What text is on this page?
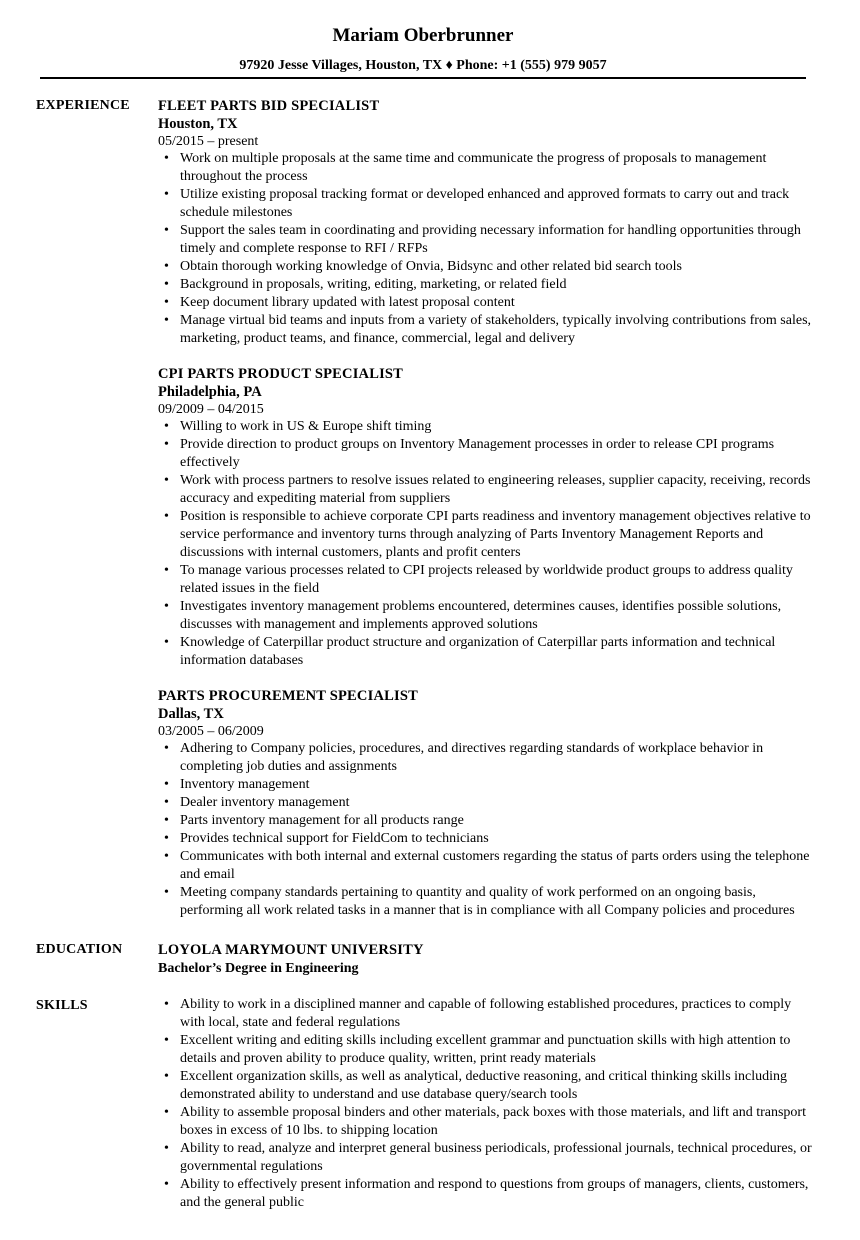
Mariam Oberbrunner
97920 Jesse Villages, Houston, TX ♦ Phone: +1 (555) 979 9057
EXPERIENCE FLEET PARTS BID SPECIALIST
Houston, TX
05/2015 – present
• Work on multiple proposals at the same time and communicate the progress of proposals to management throughout the process
• Utilize existing proposal tracking format or developed enhanced and approved formats to carry out and track schedule milestones
• Support the sales team in coordinating and providing necessary information for handling opportunities through timely and complete response to RFI / RFPs
• Obtain thorough working knowledge of Onvia, Bidsync and other related bid search tools
• Background in proposals, writing, editing, marketing, or related field
• Keep document library updated with latest proposal content
• Manage virtual bid teams and inputs from a variety of stakeholders, typically involving contributions from sales, marketing, product teams, and finance, commercial, legal and delivery
CPI PARTS PRODUCT SPECIALIST
Philadelphia, PA
09/2009 – 04/2015
• Willing to work in US & Europe shift timing
• Provide direction to product groups on Inventory Management processes in order to release CPI programs effectively
• Work with process partners to resolve issues related to engineering releases, supplier capacity, receiving, records accuracy and expediting material from suppliers
• Position is responsible to achieve corporate CPI parts readiness and inventory management objectives relative to service performance and inventory turns through analyzing of Parts Inventory Management Reports and discussions with internal customers, plants and profit centers
• To manage various processes related to CPI projects released by worldwide product groups to address quality related issues in the field
• Investigates inventory management problems encountered, determines causes, identifies possible solutions, discusses with management and implements approved solutions
• Knowledge of Caterpillar product structure and organization of Caterpillar parts information and technical information databases
PARTS PROCUREMENT SPECIALIST
Dallas, TX
03/2005 – 06/2009
• Adhering to Company policies, procedures, and directives regarding standards of workplace behavior in completing job duties and assignments
• Inventory management
• Dealer inventory management
• Parts inventory management for all products range
• Provides technical support for FieldCom to technicians
• Communicates with both internal and external customers regarding the status of parts orders using the telephone and email
• Meeting company standards pertaining to quantity and quality of work performed on an ongoing basis, performing all work related tasks in a manner that is in compliance with all Company policies and procedures
EDUCATION LOYOLA MARYMOUNT UNIVERSITY
Bachelor’s Degree in Engineering
SKILLS
•	Ability to work in a disciplined manner and capable of following established procedures, practices to comply with local, state and federal regulations
• Excellent writing and editing skills including excellent grammar and punctuation skills with high attention to details and proven ability to produce quality, written, print ready materials
• Excellent organization skills, as well as analytical, deductive reasoning, and critical thinking skills including demonstrated ability to understand and use database query/search tools
• Ability to assemble proposal binders and other materials, pack boxes with those materials, and lift and transport boxes in excess of 10 lbs. to shipping location
• Ability to read, analyze and interpret general business periodicals, professional journals, technical procedures, or governmental regulations
• Ability to effectively present information and respond to questions from groups of managers, clients, customers, and the general public
